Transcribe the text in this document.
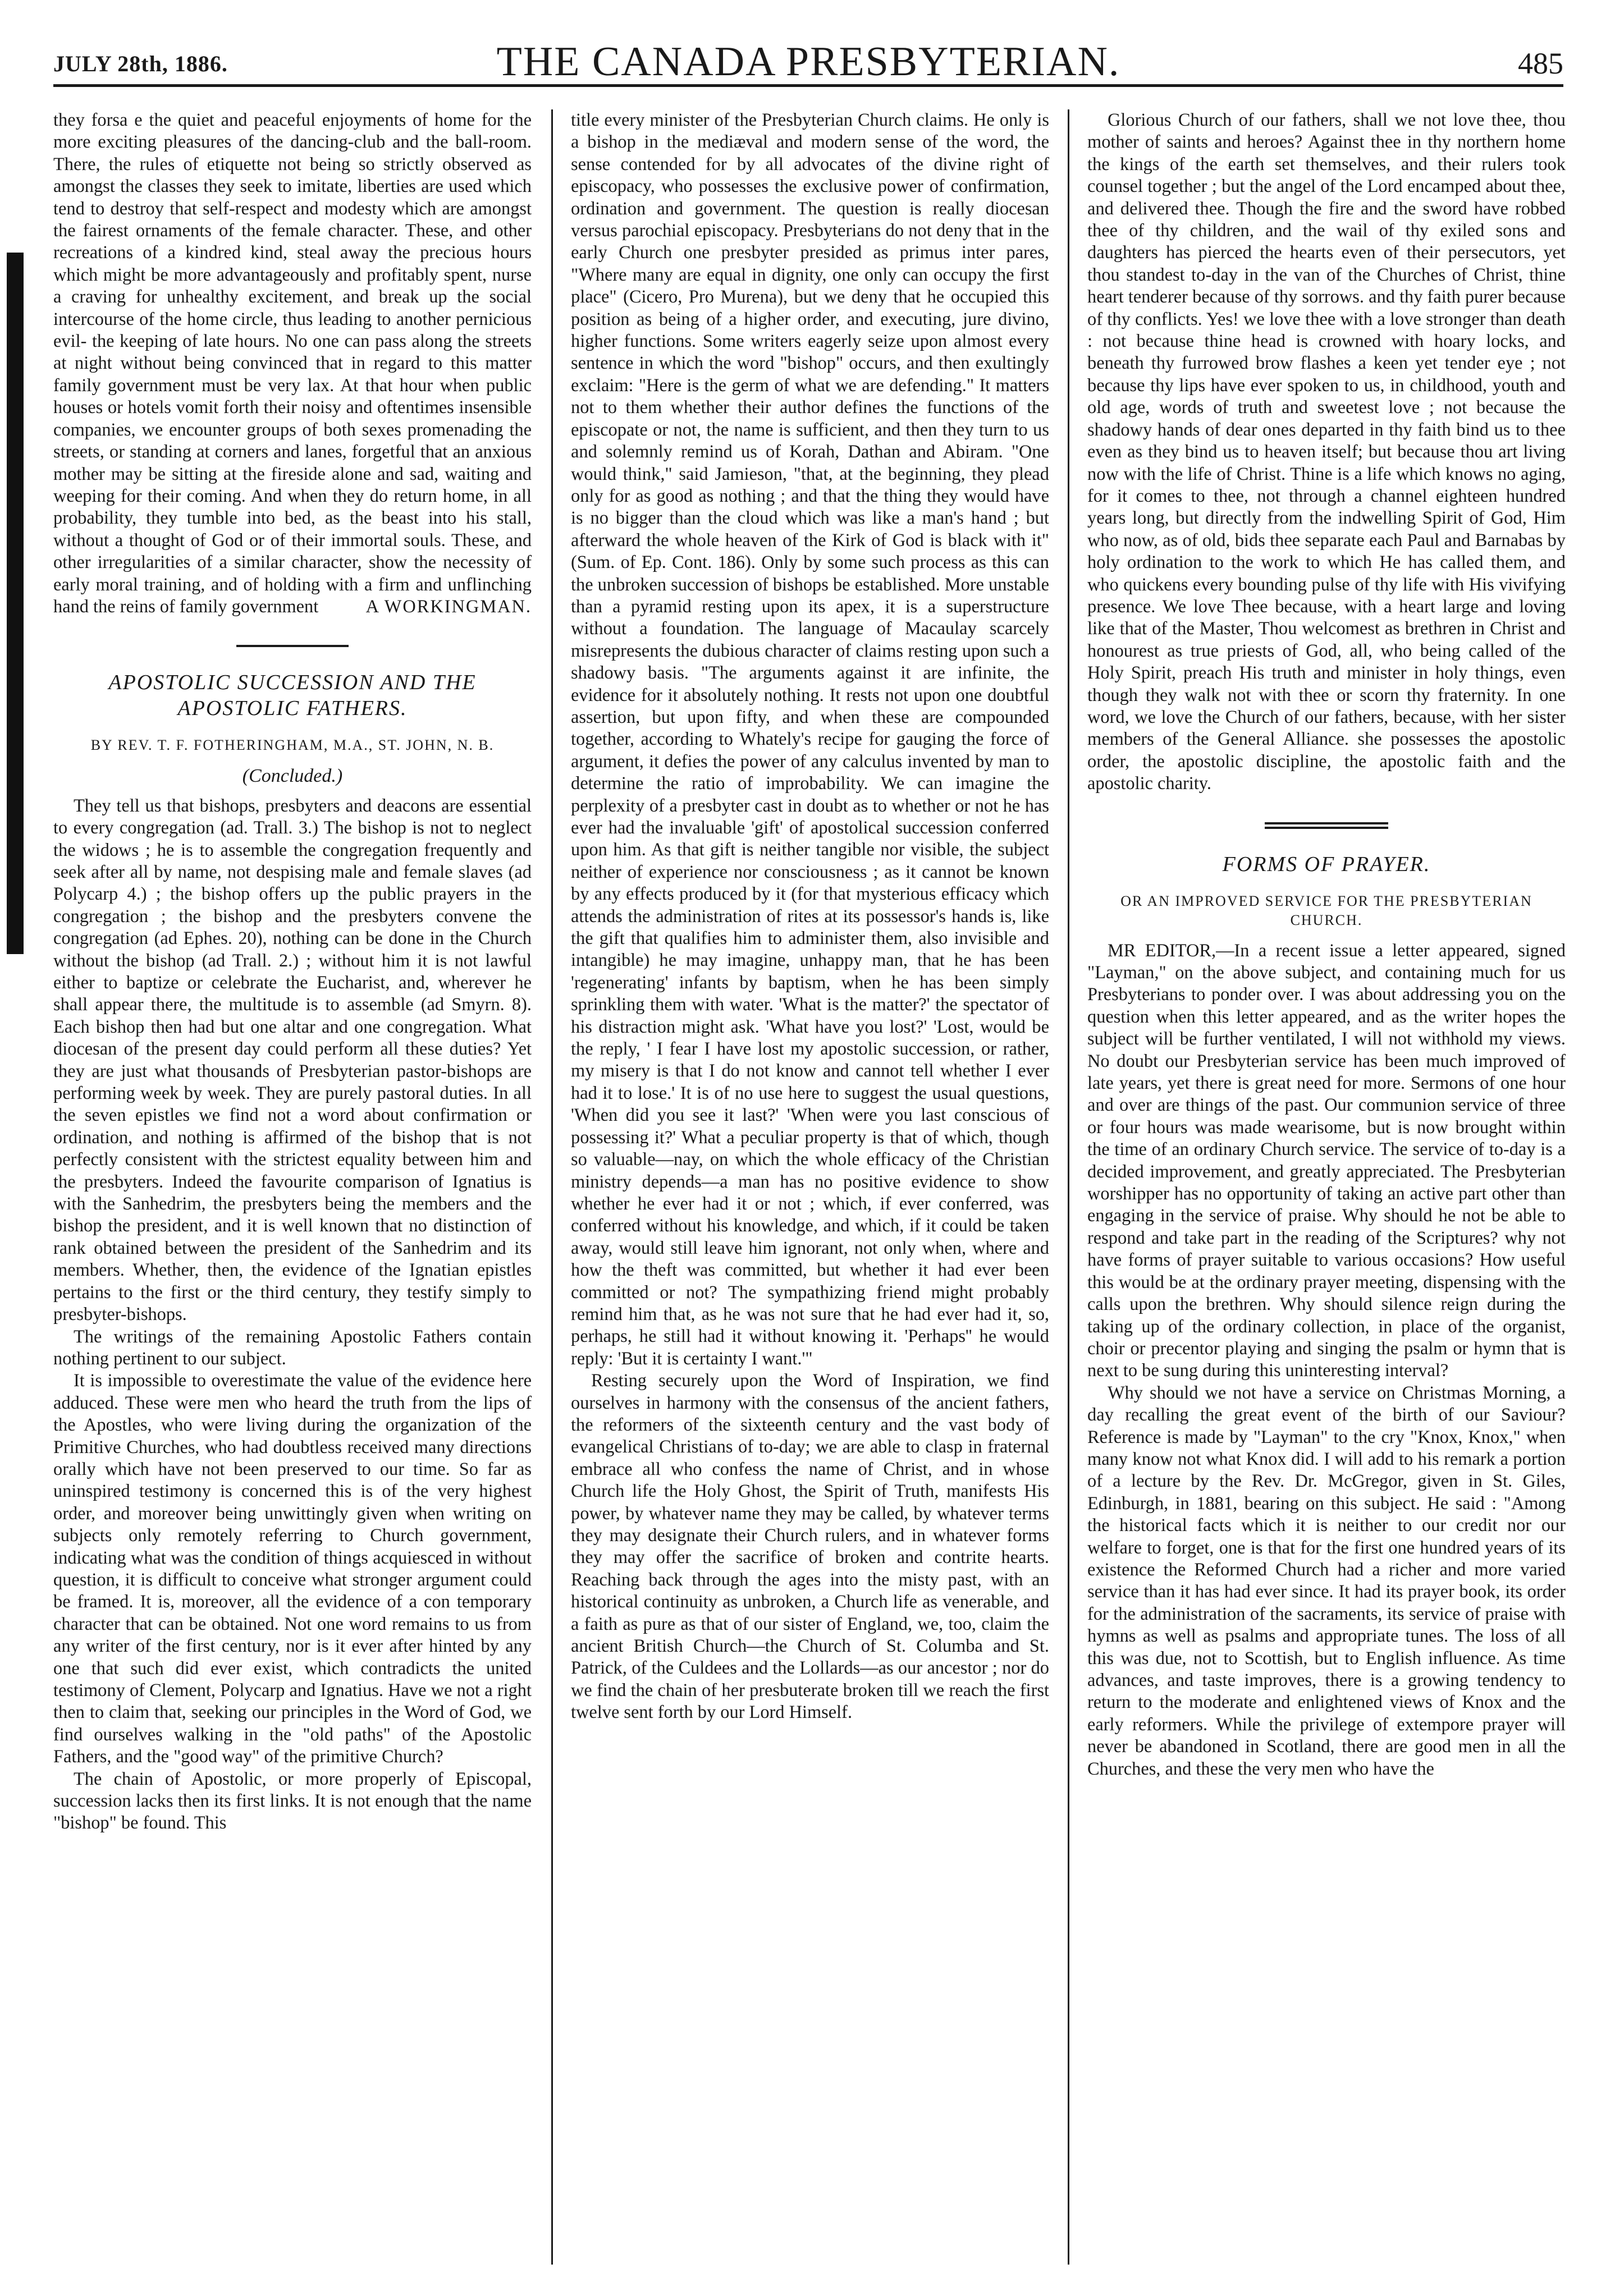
JULY 28th, 1886.	THE CANADA PRESBYTERIAN.	485

they forsa e the quiet and peaceful enjoyments of home for the more exciting pleasures of the dancing-club and the ball-room. There, the rules of etiquette not being so strictly observed as amongst the classes they seek to imitate, liberties are used which tend to destroy that self-respect and modesty which are amongst the fairest ornaments of the female character. These, and other recreations of a kindred kind, steal away the precious hours which might be more advantageously and profitably spent, nurse a craving for unhealthy excitement, and break up the social intercourse of the home circle, thus leading to another pernicious evil- the keeping of late hours. No one can pass along the streets at night without being convinced that in regard to this matter family government must be very lax. At that hour when public houses or hotels vomit forth their noisy and oftentimes insensible companies, we encounter groups of both sexes promenading the streets, or standing at corners and lanes, forgetful that an anxious mother may be sitting at the fireside alone and sad, waiting and weeping for their coming. And when they do return home, in all probability, they tumble into bed, as the beast into his stall, without a thought of God or of their immortal souls. These, and other irregularities of a similar character, show the necessity of early moral training, and of holding with a firm and unflinching hand the reins of family government	A WORKINGMAN.

APOSTOLIC SUCCESSION AND THE APOSTOLIC FATHERS.
BY REV. T. F. FOTHERINGHAM, M.A., ST. JOHN, N. B.
(Concluded.)

They tell us that bishops, presbyters and deacons are essential to every congregation (ad. Trall. 3.) The bishop is not to neglect the widows ; he is to assemble the congregation frequently and seek after all by name, not despising male and female slaves (ad Polycarp 4.) ; the bishop offers up the public prayers in the congregation ; the bishop and the presbyters convene the congregation (ad Ephes. 20), nothing can be done in the Church without the bishop (ad Trall. 2.) ; without him it is not lawful either to baptize or celebrate the Eucharist, and, wherever he shall appear there, the multitude is to assemble (ad Smyrn. 8). Each bishop then had but one altar and one congregation. What diocesan of the present day could perform all these duties? Yet they are just what thousands of Presbyterian pastor-bishops are performing week by week. They are purely pastoral duties. In all the seven epistles we find not a word about confirmation or ordination, and nothing is affirmed of the bishop that is not perfectly consistent with the strictest equality between him and the presbyters. Indeed the favourite comparison of Ignatius is with the Sanhedrim, the presbyters being the members and the bishop the president, and it is well known that no distinction of rank obtained between the president of the Sanhedrim and its members. Whether, then, the evidence of the Ignatian epistles pertains to the first or the third century, they testify simply to presbyter-bishops.

The writings of the remaining Apostolic Fathers contain nothing pertinent to our subject.

It is impossible to overestimate the value of the evidence here adduced. These were men who heard the truth from the lips of the Apostles, who were living during the organization of the Primitive Churches, who had doubtless received many directions orally which have not been preserved to our time. So far as uninspired testimony is concerned this is of the very highest order, and moreover being unwittingly given when writing on subjects only remotely referring to Church government, indicating what was the condition of things acquiesced in without question, it is difficult to conceive what stronger argument could be framed. It is, moreover, all the evidence of a con temporary character that can be obtained. Not one word remains to us from any writer of the first century, nor is it ever after hinted by any one that such did ever exist, which contradicts the united testimony of Clement, Polycarp and Ignatius. Have we not a right then to claim that, seeking our principles in the Word of God, we find ourselves walking in the "old paths" of the Apostolic Fathers, and the "good way" of the primitive Church?

The chain of Apostolic, or more properly of Episcopal, succession lacks then its first links. It is not enough that the name "bishop" be found. This

title every minister of the Presbyterian Church claims. He only is a bishop in the mediæval and modern sense of the word, the sense contended for by all advocates of the divine right of episcopacy, who possesses the exclusive power of confirmation, ordination and government. The question is really diocesan versus parochial episcopacy. Presbyterians do not deny that in the early Church one presbyter presided as primus inter pares, "Where many are equal in dignity, one only can occupy the first place" (Cicero, Pro Murena), but we deny that he occupied this position as being of a higher order, and executing, jure divino, higher functions. Some writers eagerly seize upon almost every sentence in which the word "bishop" occurs, and then exultingly exclaim: "Here is the germ of what we are defending." It matters not to them whether their author defines the functions of the episcopate or not, the name is sufficient, and then they turn to us and solemnly remind us of Korah, Dathan and Abiram. "One would think," said Jamieson, "that, at the beginning, they plead only for as good as nothing ; and that the thing they would have is no bigger than the cloud which was like a man's hand ; but afterward the whole heaven of the Kirk of God is black with it" (Sum. of Ep. Cont. 186). Only by some such process as this can the unbroken succession of bishops be established. More unstable than a pyramid resting upon its apex, it is a superstructure without a foundation. The language of Macaulay scarcely misrepresents the dubious character of claims resting upon such a shadowy basis. "The arguments against it are infinite, the evidence for it absolutely nothing. It rests not upon one doubtful assertion, but upon fifty, and when these are compounded together, according to Whately's recipe for gauging the force of argument, it defies the power of any calculus invented by man to determine the ratio of improbability. We can imagine the perplexity of a presbyter cast in doubt as to whether or not he has ever had the invaluable 'gift' of apostolical succession conferred upon him. As that gift is neither tangible nor visible, the subject neither of experience nor consciousness ; as it cannot be known by any effects produced by it (for that mysterious efficacy which attends the administration of rites at its possessor's hands is, like the gift that qualifies him to administer them, also invisible and intangible) he may imagine, unhappy man, that he has been 'regenerating' infants by baptism, when he has been simply sprinkling them with water. 'What is the matter?' the spectator of his distraction might ask. 'What have you lost?' 'Lost, would be the reply, ' I fear I have lost my apostolic succession, or rather, my misery is that I do not know and cannot tell whether I ever had it to lose.' It is of no use here to suggest the usual questions, 'When did you see it last?' 'When were you last conscious of possessing it?' What a peculiar property is that of which, though so valuable—nay, on which the whole efficacy of the Christian ministry depends—a man has no positive evidence to show whether he ever had it or not ; which, if ever conferred, was conferred without his knowledge, and which, if it could be taken away, would still leave him ignorant, not only when, where and how the theft was committed, but whether it had ever been committed or not? The sympathizing friend might probably remind him that, as he was not sure that he had ever had it, so, perhaps, he still had it without knowing it. 'Perhaps'' he would reply: 'But it is certainty I want.'"

Resting securely upon the Word of Inspiration, we find ourselves in harmony with the consensus of the ancient fathers, the reformers of the sixteenth century and the vast body of evangelical Christians of to-day; we are able to clasp in fraternal embrace all who confess the name of Christ, and in whose Church life the Holy Ghost, the Spirit of Truth, manifests His power, by whatever name they may be called, by whatever terms they may designate their Church rulers, and in whatever forms they may offer the sacrifice of broken and contrite hearts. Reaching back through the ages into the misty past, with an historical continuity as unbroken, a Church life as venerable, and a faith as pure as that of our sister of England, we, too, claim the ancient British Church—the Church of St. Columba and St. Patrick, of the Culdees and the Lollards—as our ancestor ; nor do we find the chain of her presbuterate broken till we reach the first twelve sent forth by our Lord Himself.

Glorious Church of our fathers, shall we not love thee, thou mother of saints and heroes? Against thee in thy northern home the kings of the earth set themselves, and their rulers took counsel together ; but the angel of the Lord encamped about thee, and delivered thee. Though the fire and the sword have robbed thee of thy children, and the wail of thy exiled sons and daughters has pierced the hearts even of their persecutors, yet thou standest to-day in the van of the Churches of Christ, thine heart tenderer because of thy sorrows. and thy faith purer because of thy conflicts. Yes! we love thee with a love stronger than death : not because thine head is crowned with hoary locks, and beneath thy furrowed brow flashes a keen yet tender eye ; not because thy lips have ever spoken to us, in childhood, youth and old age, words of truth and sweetest love ; not because the shadowy hands of dear ones departed in thy faith bind us to thee even as they bind us to heaven itself; but because thou art living now with the life of Christ. Thine is a life which knows no aging, for it comes to thee, not through a channel eighteen hundred years long, but directly from the indwelling Spirit of God, Him who now, as of old, bids thee separate each Paul and Barnabas by holy ordination to the work to which He has called them, and who quickens every bounding pulse of thy life with His vivifying presence. We love Thee because, with a heart large and loving like that of the Master, Thou welcomest as brethren in Christ and honourest as true priests of God, all, who being called of the Holy Spirit, preach His truth and minister in holy things, even though they walk not with thee or scorn thy fraternity. In one word, we love the Church of our fathers, because, with her sister members of the General Alliance. she possesses the apostolic order, the apostolic discipline, the apostolic faith and the apostolic charity.

FORMS OF PRAYER.
OR AN IMPROVED SERVICE FOR THE PRESBYTERIAN CHURCH.

MR EDITOR,—In a recent issue a letter appeared, signed "Layman," on the above subject, and containing much for us Presbyterians to ponder over. I was about addressing you on the question when this letter appeared, and as the writer hopes the subject will be further ventilated, I will not withhold my views. No doubt our Presbyterian service has been much improved of late years, yet there is great need for more. Sermons of one hour and over are things of the past. Our communion service of three or four hours was made wearisome, but is now brought within the time of an ordinary Church service. The service of to-day is a decided improvement, and greatly appreciated. The Presbyterian worshipper has no opportunity of taking an active part other than engaging in the service of praise. Why should he not be able to respond and take part in the reading of the Scriptures? why not have forms of prayer suitable to various occasions? How useful this would be at the ordinary prayer meeting, dispensing with the calls upon the brethren. Why should silence reign during the taking up of the ordinary collection, in place of the organist, choir or precentor playing and singing the psalm or hymn that is next to be sung during this uninteresting interval?

Why should we not have a service on Christmas Morning, a day recalling the great event of the birth of our Saviour? Reference is made by "Layman" to the cry "Knox, Knox," when many know not what Knox did. I will add to his remark a portion of a lecture by the Rev. Dr. McGregor, given in St. Giles, Edinburgh, in 1881, bearing on this subject. He said : "Among the historical facts which it is neither to our credit nor our welfare to forget, one is that for the first one hundred years of its existence the Reformed Church had a richer and more varied service than it has had ever since. It had its prayer book, its order for the administration of the sacraments, its service of praise with hymns as well as psalms and appropriate tunes. The loss of all this was due, not to Scottish, but to English influence. As time advances, and taste improves, there is a growing tendency to return to the moderate and enlightened views of Knox and the early reformers. While the privilege of extempore prayer will never be abandoned in Scotland, there are good men in all the Churches, and these the very men who have the
